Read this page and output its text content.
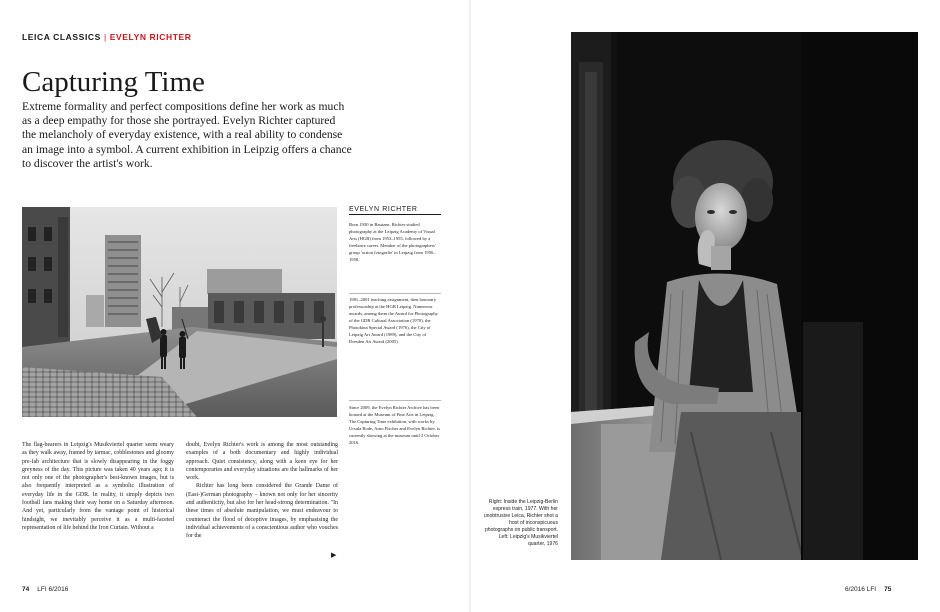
LEICA CLASSICS | EVELYN RICHTER
Capturing Time

Extreme formality and perfect compositions define her work as much as a deep empathy for those she portrayed. Evelyn Richter captured the melancholy of everyday existence, with a real ability to condense an image into a symbol. A current exhibition in Leipzig offers a chance to discover the artist's work.

EVELYN RICHTER

Born 1930 in Bautzen, Richter studied photography at the Leipzig Academy of Visual Arts (HGB) from 1953–1955, followed by a freelance career. Member of the photographers' group 'action fotografie' in Leipzig from 1956–1958.

1981–2001 teaching assignment, then honorary professorship at the HGB Leipzig. Numerous awards, among them the Award for Photography of the GDR Cultural Association (1970), the Photokina Special Award (1976), the City of Leipzig Art Award (1989), and the City of Dresden Art Award (2005).

Since 2009, the Evelyn Richter Archive has been housed at the Museum of Fine Arts in Leipzig. The Capturing Time exhibition, with works by Ursula Rode, Arno Fischer and Evelyn Richter, is currently showing at the museum until 2 October 2016.

The flag-bearers in Leipzig's Musikviertel quarter seem weary as they walk away, framed by tarmac, cobblestones and gloomy pre-fab architecture that is slowly disappearing in the foggy greyness of the day. This picture was taken 40 years ago; it is not only one of the photographer's best-known images, but is also frequently interpreted as a symbolic illustration of everyday life in the GDR. In reality, it simply depicts two football fans making their way home on a Saturday afternoon. And yet, particularly from the vantage point of historical hindsight, we inevitably perceive it as a multi-faceted representation of life behind the Iron Curtain. Without a

doubt, Evelyn Richter's work is among the most outstanding examples of a both documentary and highly individual approach. Quiet consistency, along with a keen eye for her contemporaries and everyday situations are the hallmarks of her work.

Richter has long been considered the Grande Dame of (East-)German photography – known not only for her sincerity and authenticity, but also for her head-strong determination. "In these times of absolute manipulation, we must endeavour to counteract the flood of deceptive images, by emphasising the individual achievements of a conscientious author who vouches for the

▶
74 LFI 6/2016

Right: Inside the Leipzig-Berlin express train, 1977. With her unobtrusive Leica, Richter shot a host of inconspicuous photographs on public transport. Left: Leipzig's Musikviertel quarter, 1976

6/2016 LFI 75
